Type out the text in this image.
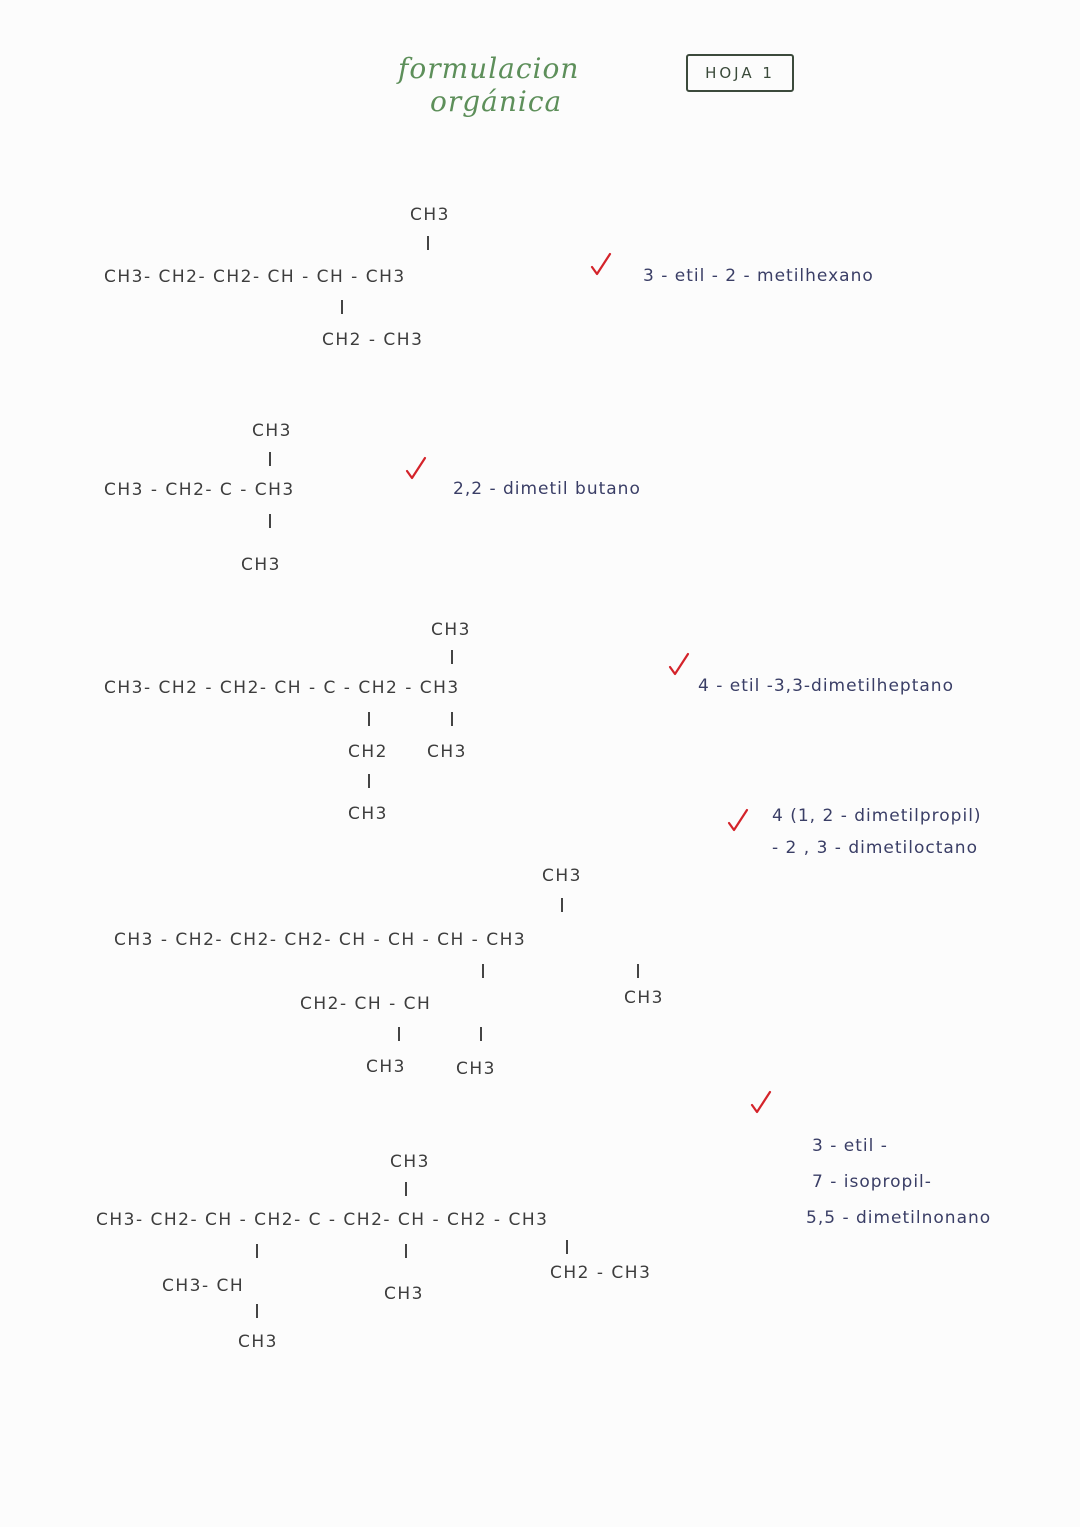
formulacion
orgánica
HOJA 1
CH3
CH3- CH2- CH2- CH - CH - CH3
CH2 - CH3
3 - etil - 2 - metilhexano
CH3
CH3 - CH2- C - CH3
CH3
2,2 - dimetil butano
CH3
CH3- CH2 - CH2- CH - C - CH2 - CH3
CH2 CH3
CH3
4 - etil -3,3-dimetilheptano
4 (1, 2 - dimetilpropil)
- 2 , 3 - dimetiloctano
CH3
CH3 - CH2- CH2- CH2- CH - CH - CH - CH3
CH2- CH - CH	CH3
CH3	CH3
3 - etil -
7 - isopropil-
5,5 - dimetilnonano
CH3
CH3- CH2- CH - CH2- C - CH2- CH - CH2 - CH3
CH2 - CH3
CH3- CH	CH3
CH3
